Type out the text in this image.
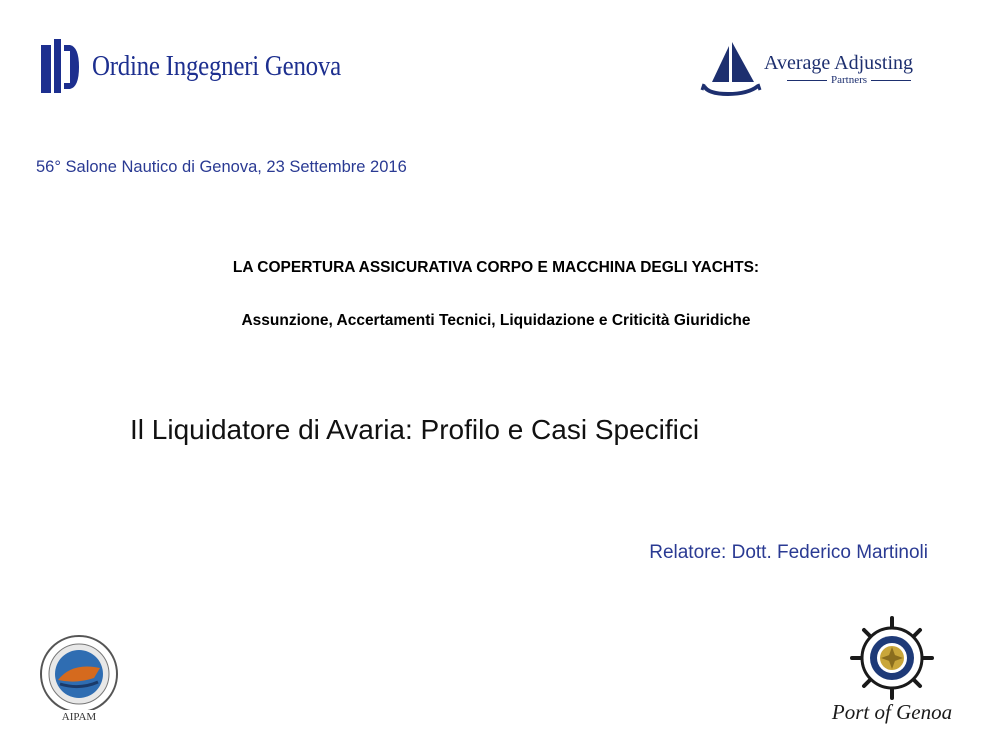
Ordine Ingegneri Genova	Average Adjusting
Partners
56° Salone Nautico di Genova, 23 Settembre 2016
LA COPERTURA ASSICURATIVA CORPO E MACCHINA DEGLI YACHTS:
Assunzione, Accertamenti Tecnici, Liquidazione e Criticità Giuridiche
Il Liquidatore di Avaria: Profilo e Casi Specifici
Relatore: Dott. Federico Martinoli
AIPAM	Port of Genoa
